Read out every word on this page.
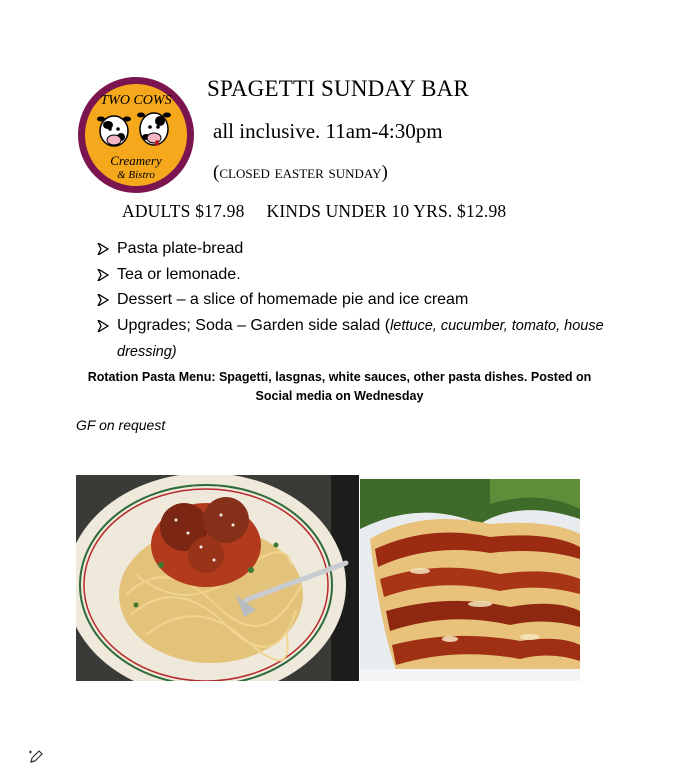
TWO COWS
Creamery
& Bistro
SPAGETTI SUNDAY BAR
all inclusive. 11am-4:30pm
(closed easter sunday)
ADULTS $17.98 KINDS UNDER 10 YRS. $12.98
Pasta plate-bread
Tea or lemonade.
Dessert – a slice of homemade pie and ice cream
Upgrades; Soda – Garden side salad (lettuce, cucumber, tomato, house dressing)
Rotation Pasta Menu: Spagetti, lasgnas, white sauces, other pasta dishes. Posted on
Social media on Wednesday
GF on request
